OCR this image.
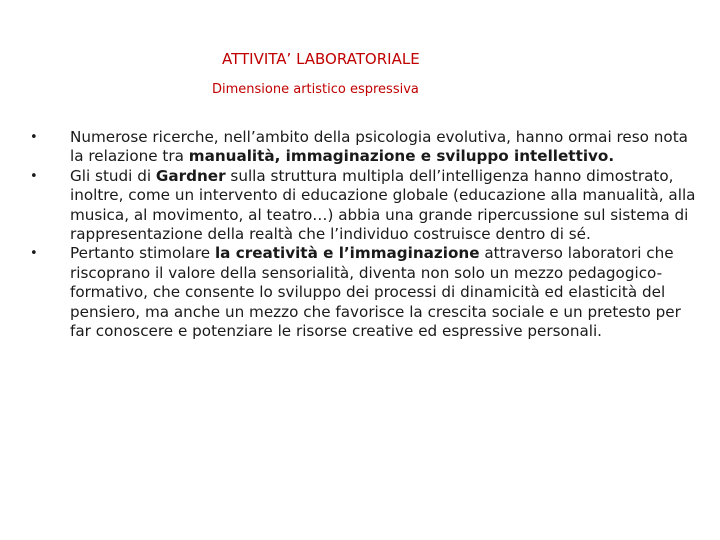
ATTIVITA’ LABORATORIALE
Dimensione artistico espressiva
•	Numerose ricerche, nell’ambito della psicologia evolutiva, hanno ormai reso nota la relazione tra manualità, immaginazione e sviluppo intellettivo.
•	Gli studi di Gardner sulla struttura multipla dell’intelligenza hanno dimostrato, inoltre, come un intervento di educazione globale (educazione alla manualità, alla musica, al movimento, al teatro…) abbia una grande ripercussione sul sistema di rappresentazione della realtà che l’individuo costruisce dentro di sé.
•	Pertanto stimolare la creatività e l’immaginazione attraverso laboratori che riscoprano il valore della sensorialità, diventa non solo un mezzo pedagogico-formativo, che consente lo sviluppo dei processi di dinamicità ed elasticità del pensiero, ma anche un mezzo che favorisce la crescita sociale e un pretesto per far conoscere e potenziare le risorse creative ed espressive personali.
